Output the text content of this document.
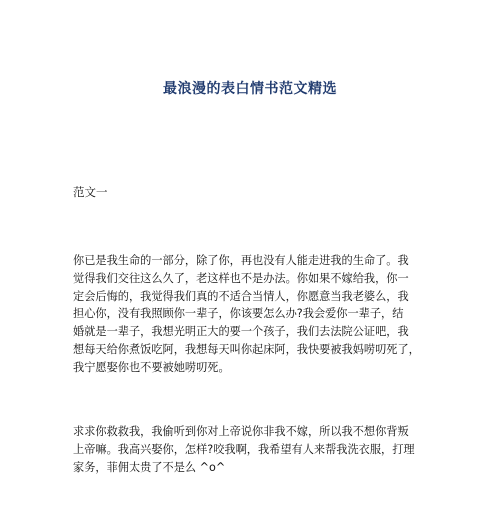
最浪漫的表白情书范文精选
范文一

你已是我生命的一部分，除了你，再也没有人能走进我的生命了。我
觉得我们交往这么久了，老这样也不是办法。你如果不嫁给我，你一
定会后悔的，我觉得我们真的不适合当情人，你愿意当我老婆么，我
担心你，没有我照顾你一辈子，你该要怎么办?我会爱你一辈子，结
婚就是一辈子，我想光明正大的要一个孩子，我们去法院公证吧，我
想每天给你煮饭吃阿，我想每天叫你起床阿，我快要被我妈唠叨死了，
我宁愿娶你也不要被她唠叨死。

求求你救救我，我偷听到你对上帝说你非我不嫁，所以我不想你背叛
上帝嘛。我高兴娶你，怎样?咬我啊，我希望有人来帮我洗衣服，打理
家务，菲佣太贵了不是么 ^o^
